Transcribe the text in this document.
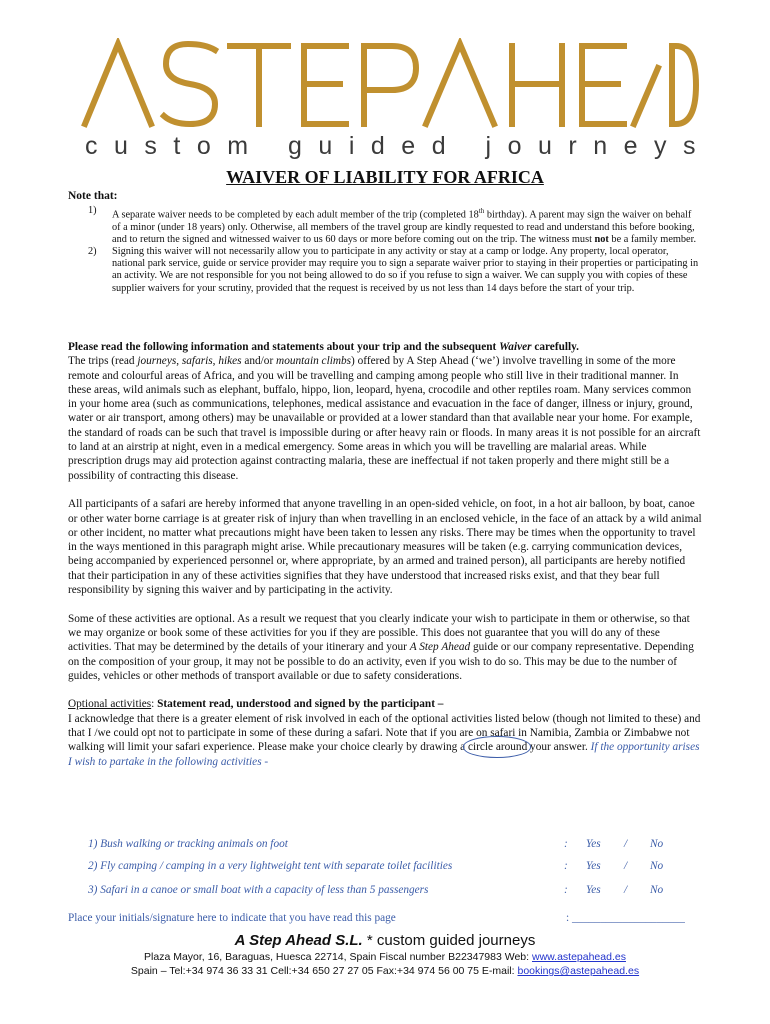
custom guided journeys
WAIVER OF LIABILITY FOR AFRICA
Note that:
1) A separate waiver needs to be completed by each adult member of the trip (completed 18th birthday). A parent may sign the waiver on behalf of a minor (under 18 years) only. Otherwise, all members of the travel group are kindly requested to read and understand this before booking, and to return the signed and witnessed waiver to us 60 days or more before coming out on the trip. The witness must not be a family member.
2) Signing this waiver will not necessarily allow you to participate in any activity or stay at a camp or lodge. Any property, local operator, national park service, guide or service provider may require you to sign a separate waiver prior to staying in their properties or participating in an activity. We are not responsible for you not being allowed to do so if you refuse to sign a waiver. We can supply you with copies of these supplier waivers for your scrutiny, provided that the request is received by us not less than 14 days before the start of your trip.

Please read the following information and statements about your trip and the subsequent Waiver carefully.
The trips (read journeys, safaris, hikes and/or mountain climbs) offered by A Step Ahead (‘we’) involve travelling in some of the more remote and colourful areas of Africa, and you will be travelling and camping among people who still live in their traditional manner. In these areas, wild animals such as elephant, buffalo, hippo, lion, leopard, hyena, crocodile and other reptiles roam. Many services common in your home area (such as communications, telephones, medical assistance and evacuation in the face of danger, illness or injury, ground, water or air transport, among others) may be unavailable or provided at a lower standard than that available near your home. For example, the standard of roads can be such that travel is impossible during or after heavy rain or floods. In many areas it is not possible for an aircraft to land at an airstrip at night, even in a medical emergency. Some areas in which you will be travelling are malarial areas. While prescription drugs may aid protection against contracting malaria, these are ineffectual if not taken properly and there might still be a possibility of contracting this disease.

All participants of a safari are hereby informed that anyone travelling in an open-sided vehicle, on foot, in a hot air balloon, by boat, canoe or other water borne carriage is at greater risk of injury than when travelling in an enclosed vehicle, in the face of an attack by a wild animal or other incident, no matter what precautions might have been taken to lessen any risks. There may be times when the opportunity to travel in the ways mentioned in this paragraph might arise. While precautionary measures will be taken (e.g. carrying communication devices, being accompanied by experienced personnel or, where appropriate, by an armed and trained person), all participants are hereby notified that their participation in any of these activities signifies that they have understood that increased risks exist, and that they bear full responsibility by signing this waiver and by participating in the activity.

Some of these activities are optional. As a result we request that you clearly indicate your wish to participate in them or otherwise, so that we may organize or book some of these activities for you if they are possible. This does not guarantee that you will do any of these activities. That may be determined by the details of your itinerary and your A Step Ahead guide or our company representative. Depending on the composition of your group, it may not be possible to do an activity, even if you wish to do so. This may be due to the number of guides, vehicles or other methods of transport available or due to safety considerations.

Optional activities: Statement read, understood and signed by the participant –
I acknowledge that there is a greater element of risk involved in each of the optional activities listed below (though not limited to these) and that I /we could opt not to participate in some of these during a safari. Note that if you are on safari in Namibia, Zambia or Zimbabwe not walking will limit your safari experience. Please make your choice clearly by drawing a circle around your answer. If the opportunity arises I wish to partake in the following activities -

1) Bush walking or tracking animals on foot	: Yes / No
2) Fly camping / camping in a very lightweight tent with separate toilet facilities	: Yes / No
3) Safari in a canoe or small boat with a capacity of less than 5 passengers	: Yes / No
Place your initials/signature here to indicate that you have read this page	: ____________________
A Step Ahead S.L. * custom guided journeys
Plaza Mayor, 16, Baraguas, Huesca 22714, Spain Fiscal number B22347983 Web: www.astepahead.es
Spain – Tel:+34 974 36 33 31 Cell:+34 650 27 27 05 Fax:+34 974 56 00 75 E-mail: bookings@astepahead.es
